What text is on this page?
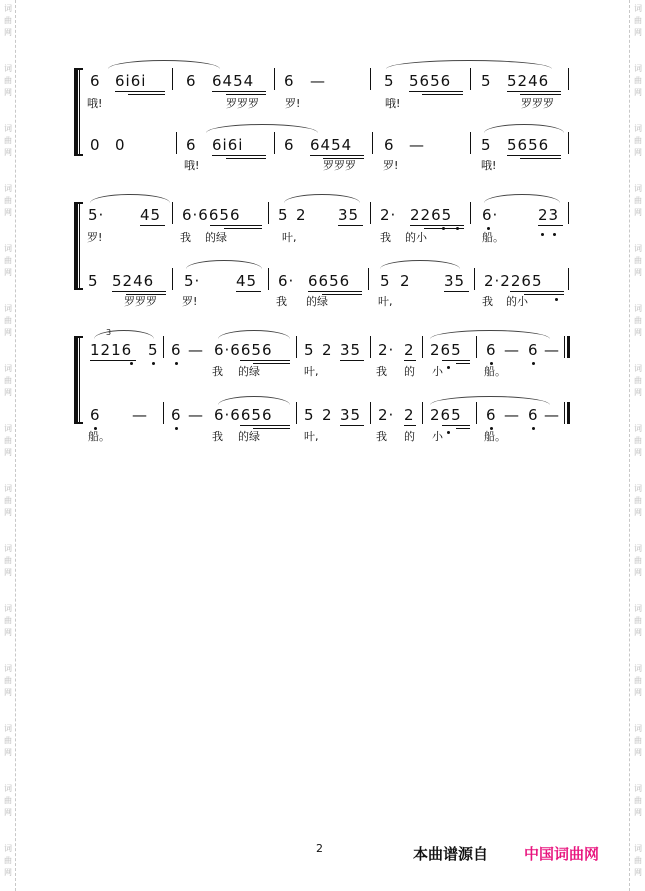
词
曲
网
词
曲
网
词
曲
网
词
曲
网
词
曲
网
词
曲
网
词
曲
网
词
曲
网
词
曲
网
词
曲
网
词
曲
网
词
曲
网
词
曲
网
词
曲
网
词
曲
网
词
曲
网
词
曲
网
词
曲
网
词
曲
网
词
曲
网
词
曲
网
词
曲
网
词
曲
网
词
曲
网
词
曲
网
词
曲
网
词
曲
网
词
曲
网
词
曲
网
词
曲
网
6 6i6i	6 6454 6 —	5 5656 5 5246
哦!	罗罗罗 罗!	哦!	罗罗罗
0 0	6 6i6i	6 6454 6 —	5 5656
哦!	罗罗罗 罗!	哦!
5· 45 6·6656	5 2 35 2· 2265 6·	23
罗!	我 的绿	叶,	我 的小	船。
5 5246 5· 45 6· 6656 5 2 35 2·2265
罗罗罗 罗!	我 的绿	叶,	我 的小
3
1216 5 6 — 6·6656 5 2 35 2· 2 265 6 — 6 —
我 的绿	叶,	我 的 小	船。
6 — 6 — 6·6656 5 2 35 2· 2 265 6 — 6 —
船。	我 的绿	叶,	我 的 小	船。
2	本曲谱源自 中国词曲网
